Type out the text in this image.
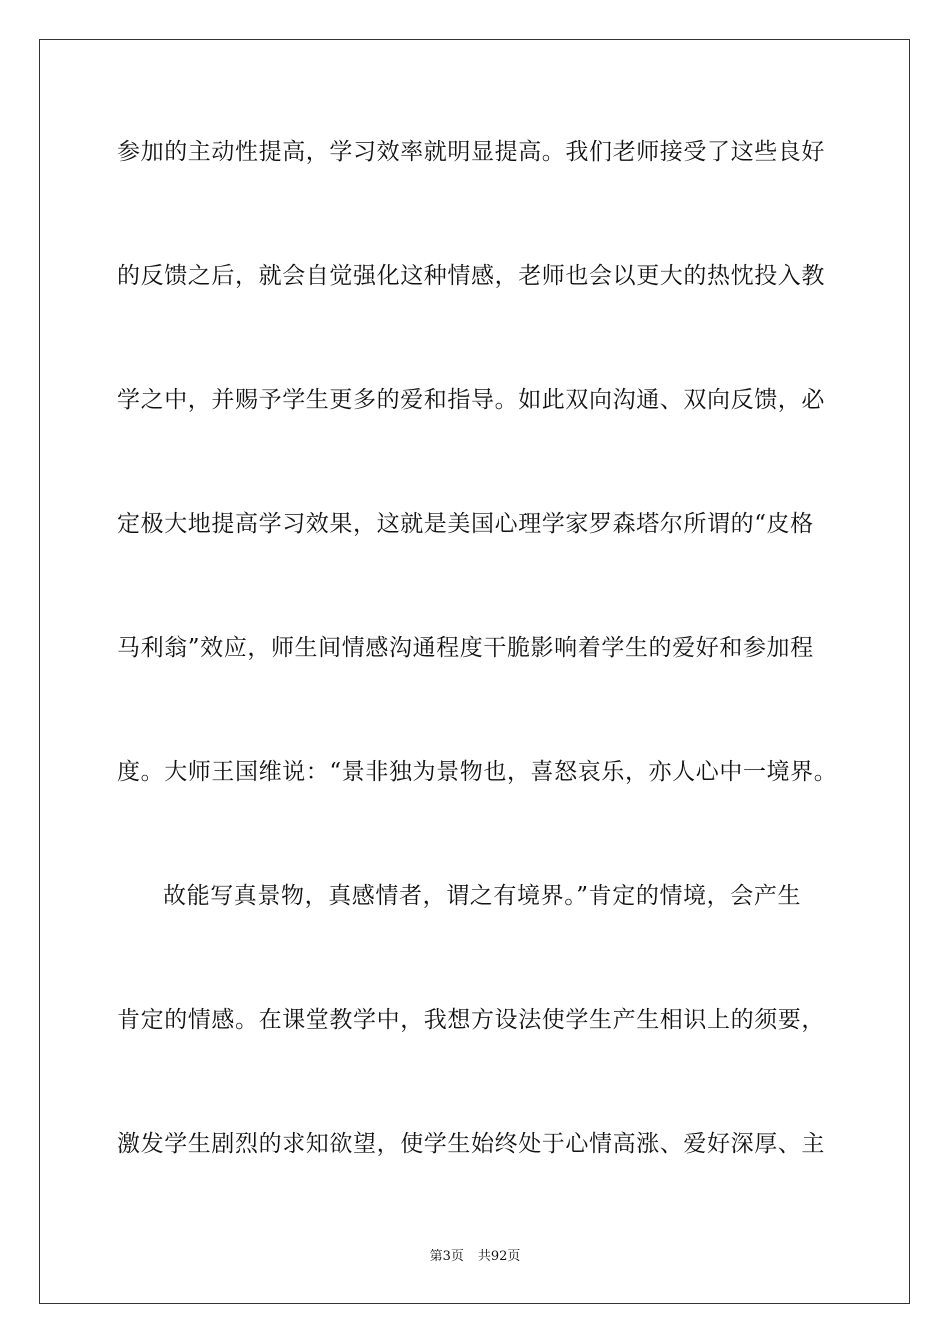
参加的主动性提高，学习效率就明显提高。我们老师接受了这些良好
的反馈之后，就会自觉强化这种情感，老师也会以更大的热忱投入教
学之中，并赐予学生更多的爱和指导。如此双向沟通、双向反馈，必
定极大地提高学习效果，这就是美国心理学家罗森塔尔所谓的“皮格
马利翁”效应，师生间情感沟通程度干脆影响着学生的爱好和参加程
度。大师王国维说：“景非独为景物也，喜怒哀乐，亦人心中一境界。
故能写真景物，真感情者，谓之有境界。”肯定的情境，会产生
肯定的情感。在课堂教学中，我想方设法使学生产生相识上的须要，
激发学生剧烈的求知欲望，使学生始终处于心情高涨、爱好深厚、主
第3页 共92页
